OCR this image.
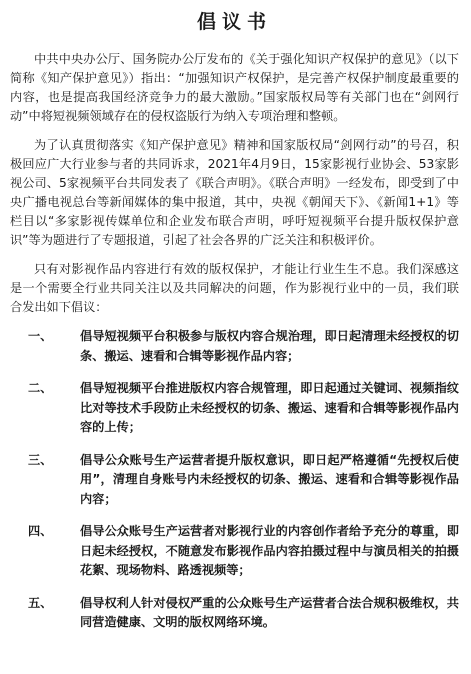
倡议书

中共中央办公厅、国务院办公厅发布的《关于强化知识产权保护的意见》（以下简称《知产保护意见》）指出：“加强知识产权保护，是完善产权保护制度最重要的内容，也是提高我国经济竞争力的最大激励。”国家版权局等有关部门也在“剑网行动”中将短视频领域存在的侵权盗版行为纳入专项治理和整顿。

为了认真贯彻落实《知产保护意见》精神和国家版权局“剑网行动”的号召，积极回应广大行业参与者的共同诉求，2021年4月9日，15家影视行业协会、53家影视公司、5家视频平台共同发表了《联合声明》。《联合声明》一经发布，即受到了中央广播电视总台等新闻媒体的集中报道，其中，央视《朝闻天下》、《新闻1+1》等栏目以“多家影视传媒单位和企业发布联合声明，呼吁短视频平台提升版权保护意识”等为题进行了专题报道，引起了社会各界的广泛关注和积极评价。

只有对影视作品内容进行有效的版权保护，才能让行业生生不息。我们深感这是一个需要全行业共同关注以及共同解决的问题，作为影视行业中的一员，我们联合发出如下倡议：

一、	倡导短视频平台积极参与版权内容合规治理，即日起清理未经授权的切条、搬运、速看和合辑等影视作品内容；
二、	倡导短视频平台推进版权内容合规管理，即日起通过关键词、视频指纹比对等技术手段防止未经授权的切条、搬运、速看和合辑等影视作品内容的上传；
三、	倡导公众账号生产运营者提升版权意识，即日起严格遵循“先授权后使用”，清理自身账号内未经授权的切条、搬运、速看和合辑等影视作品内容；
四、	倡导公众账号生产运营者对影视行业的内容创作者给予充分的尊重，即日起未经授权，不随意发布影视作品内容拍摄过程中与演员相关的拍摄花絮、现场物料、路透视频等；
五、	倡导权利人针对侵权严重的公众账号生产运营者合法合规积极维权，共同营造健康、文明的版权网络环境。
